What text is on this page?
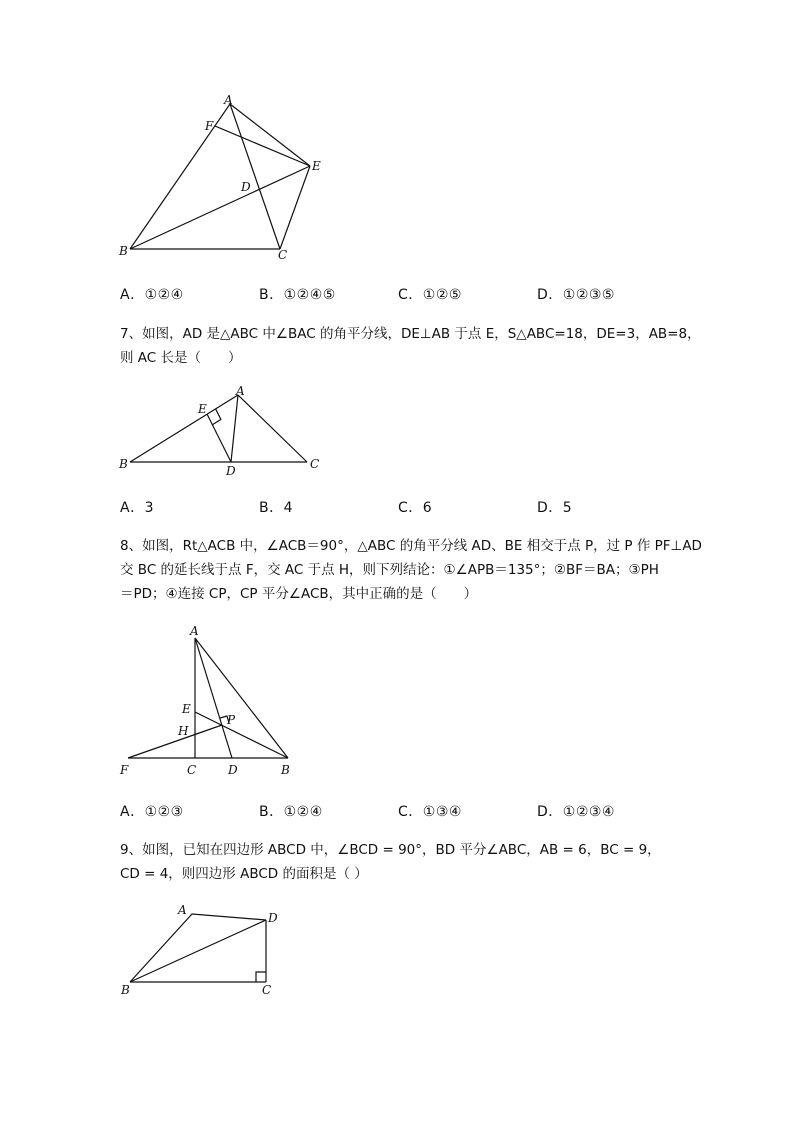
A
F
E
D
B	C
A．①②④	B．①②④⑤	C．①②⑤	D．①②③⑤
7、如图，AD 是△ABC 中∠BAC 的角平分线，DE⊥AB 于点 E，S△ABC=18，DE=3，AB=8，
则 AC 长是（　　）
A
E
B	D	C
A．3	B．4	C．6	D．5
8、如图，Rt△ACB 中，∠ACB＝90°，△ABC 的角平分线 AD、BE 相交于点 P，过 P 作 PF⊥AD
交 BC 的延长线于点 F，交 AC 于点 H，则下列结论：①∠APB＝135°；②BF＝BA；③PH
＝PD；④连接 CP，CP 平分∠ACB，其中正确的是（　　）
A
E
H
P
F	C	D	B
A．①②③	B．①②④	C．①③④	D．①②③④
9、如图，已知在四边形 ABCD 中，∠BCD = 90°，BD 平分∠ABC，AB = 6，BC = 9，
CD = 4，则四边形 ABCD 的面积是（ ）
A
D
B	C
